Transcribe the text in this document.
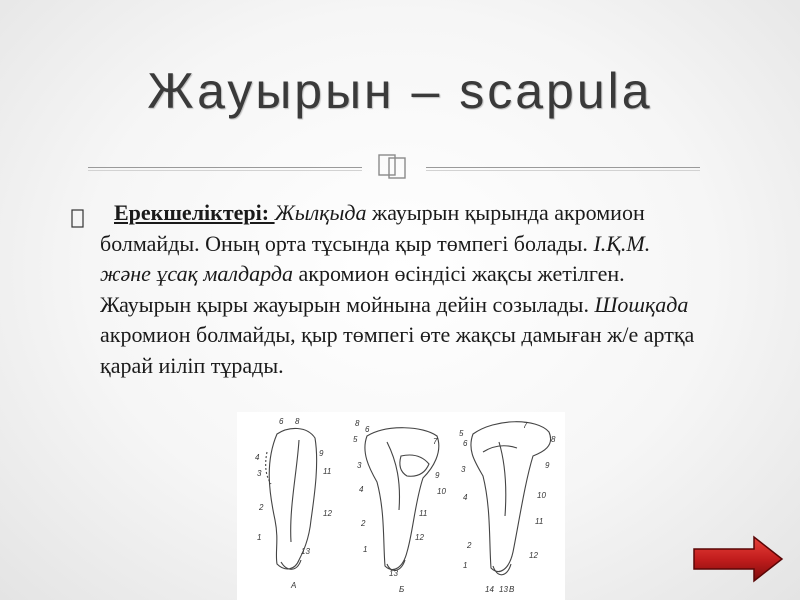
Жауырын – scapula
Ерекшеліктері: Жылқыда жауырын қырында акромион болмайды. Оның орта тұсында қыр төмпегі болады. І.Қ.М. және ұсақ малдарда акромион өсіндісі жақсы жетілген. Жауырын қыры жауырын мойнына дейін созылады. Шошқада акромион болмайды, қыр төмпегі өте жақсы дамыған ж/е артқа қарай иіліп тұрады.
6 8
4	9
3	11
2
12
1
13
A
5
6
8
7
3
9
4	10
11
2
12
1
13
Б
5
6
7
8
3	9
4	10
2
11
1
12
14 13 В
